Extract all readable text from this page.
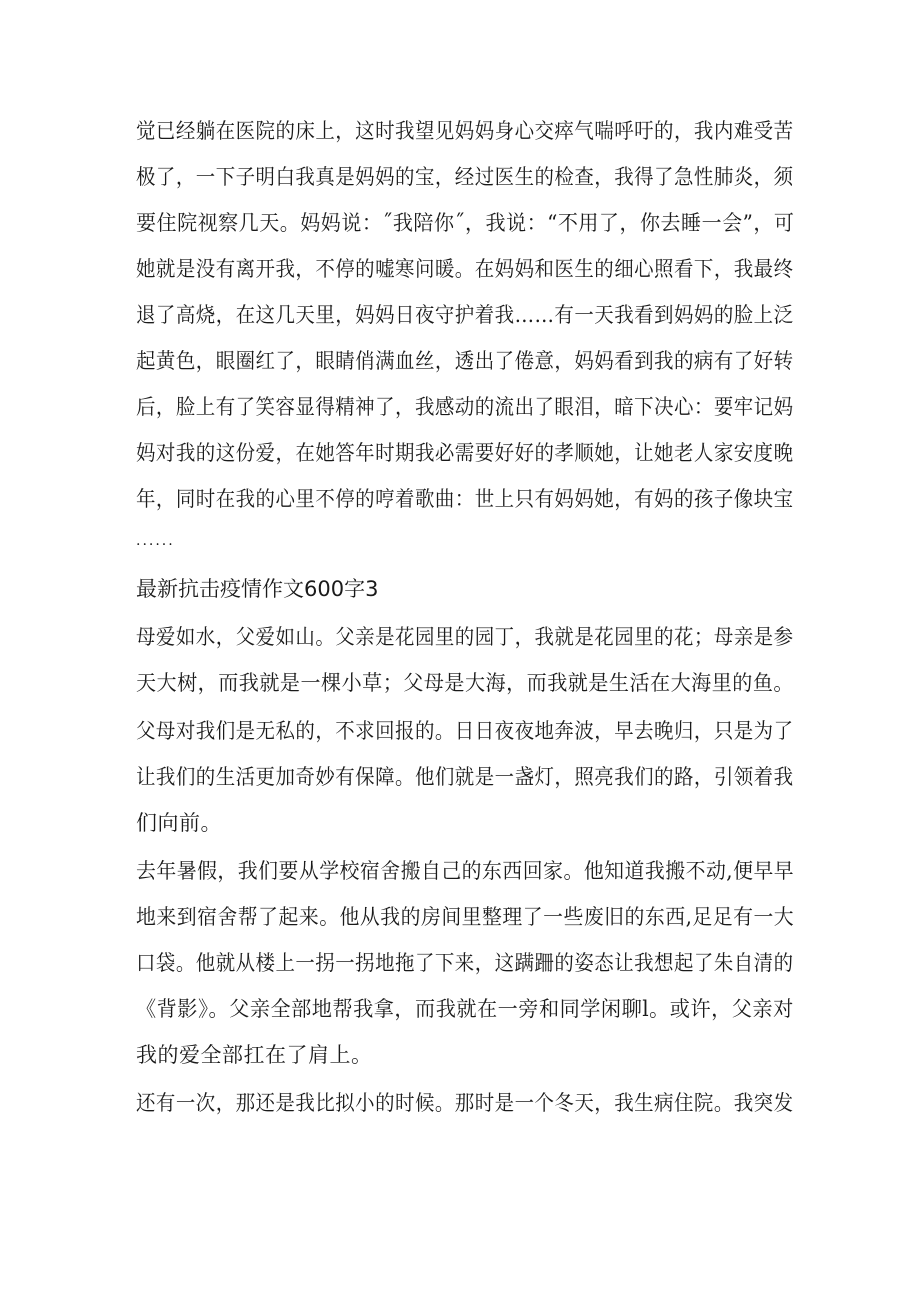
觉已经躺在医院的床上，这时我望见妈妈身心交瘁气喘呼吁的，我内难受苦
极了，一下子明白我真是妈妈的宝，经过医生的检查，我得了急性肺炎，须
要住院视察几天。妈妈说：˝我陪你˝，我说：“不用了，你去睡一会”，可
她就是没有离开我，不停的嘘寒问暖。在妈妈和医生的细心照看下，我最终
退了高烧，在这几天里，妈妈日夜守护着我……有一天我看到妈妈的脸上泛
起黄色，眼圈红了，眼睛俏满血丝，透出了倦意，妈妈看到我的病有了好转
后，脸上有了笑容显得精神了，我感动的流出了眼泪，暗下决心：要牢记妈
妈对我的这份爱，在她答年时期我必需要好好的孝顺她，让她老人家安度晚
年，同时在我的心里不停的哼着歌曲：世上只有妈妈她，有妈的孩子像块宝
......
最新抗击疫情作文600字3
母爱如水，父爱如山。父亲是花园里的园丁，我就是花园里的花；母亲是参
天大树，而我就是一棵小草；父母是大海，而我就是生活在大海里的鱼。
父母对我们是无私的，不求回报的。日日夜夜地奔波，早去晚归，只是为了
让我们的生活更加奇妙有保障。他们就是一盏灯，照亮我们的路，引领着我
们向前。
去年暑假，我们要从学校宿舍搬自己的东西回家。他知道我搬不动,便早早
地来到宿舍帮了起来。他从我的房间里整理了一些废旧的东西,足足有一大
口袋。他就从楼上一拐一拐地拖了下来，这蹒跚的姿态让我想起了朱自清的
《背影》。父亲全部地帮我拿，而我就在一旁和同学闲聊l。或许，父亲对
我的爱全部扛在了肩上。
还有一次，那还是我比拟小的时候。那时是一个冬天，我生病住院。我突发
